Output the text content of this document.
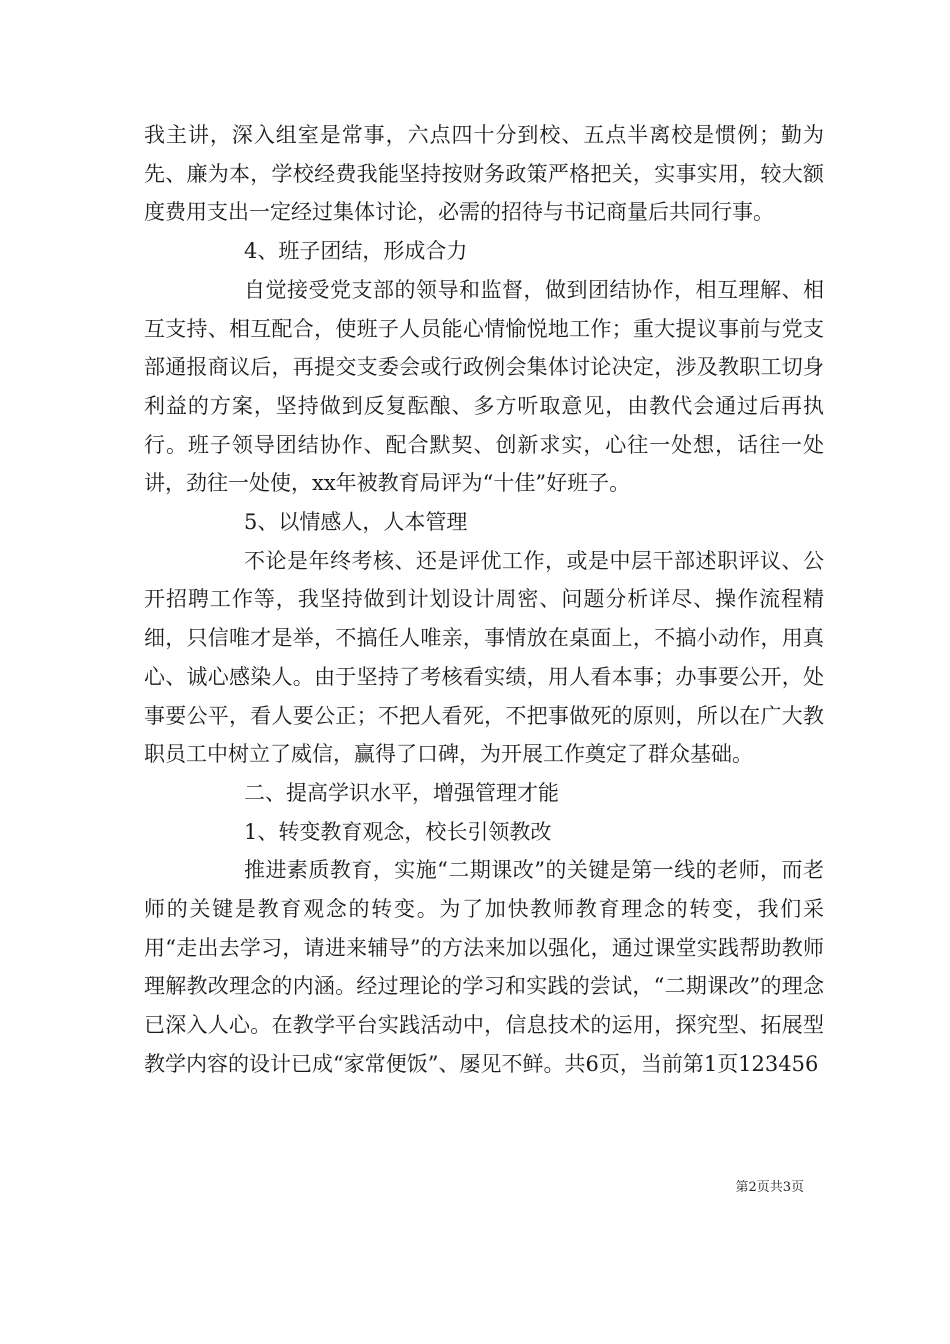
我主讲，深入组室是常事，六点四十分到校、五点半离校是惯例；勤为先、廉为本，学校经费我能坚持按财务政策严格把关，实事实用，较大额度费用支出一定经过集体讨论，必需的招待与书记商量后共同行事。

4、班子团结，形成合力

自觉接受党支部的领导和监督，做到团结协作，相互理解、相互支持、相互配合，使班子人员能心情愉悦地工作；重大提议事前与党支部通报商议后，再提交支委会或行政例会集体讨论决定，涉及教职工切身利益的方案，坚持做到反复酝酿、多方听取意见，由教代会通过后再执行。班子领导团结协作、配合默契、创新求实，心往一处想，话往一处讲，劲往一处使，xx年被教育局评为“十佳”好班子。

5、以情感人，人本管理

不论是年终考核、还是评优工作，或是中层干部述职评议、公开招聘工作等，我坚持做到计划设计周密、问题分析详尽、操作流程精细，只信唯才是举，不搞任人唯亲，事情放在桌面上，不搞小动作，用真心、诚心感染人。由于坚持了考核看实绩，用人看本事；办事要公开，处事要公平，看人要公正；不把人看死，不把事做死的原则，所以在广大教职员工中树立了威信，赢得了口碑，为开展工作奠定了群众基础。

二、提高学识水平，增强管理才能

1、转变教育观念，校长引领教改

推进素质教育，实施“二期课改”的关键是第一线的老师，而老师的关键是教育观念的转变。为了加快教师教育理念的转变，我们采用“走出去学习，请进来辅导”的方法来加以强化，通过课堂实践帮助教师理解教改理念的内涵。经过理论的学习和实践的尝试，“二期课改”的理念已深入人心。在教学平台实践活动中，信息技术的运用，探究型、拓展型教学内容的设计已成“家常便饭”、屡见不鲜。共6页，当前第1页123456

第2页共3页
